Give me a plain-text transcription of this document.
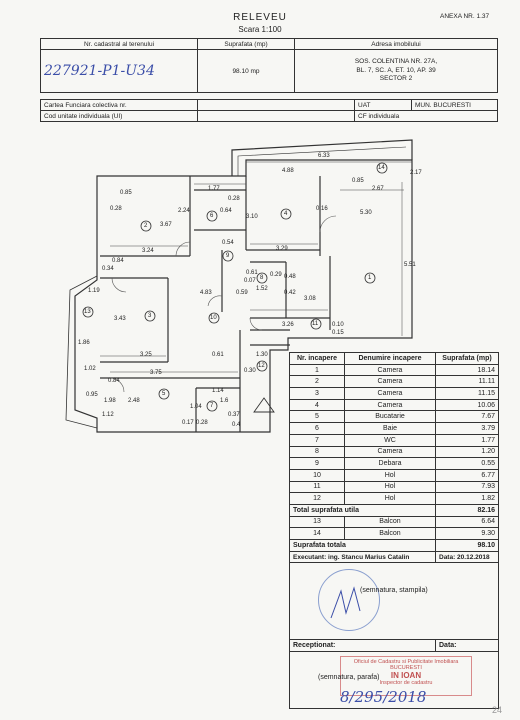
RELEVEU
Scara 1:100
ANEXA NR. 1.37
Nr. cadastral al terenului	Suprafata (mp)	Adresa imobilului
227921-P1-U34	98.10 mp	SOS. COLENTINA NR. 27A,
BL. 7, SC. A, ET. 10, AP. 39
SECTOR 2
Cartea Funciara colectiva nr.		UAT	MUN. BUCURESTI
Cod unitate individuala (UI)		CF individuala	
1
2
3
4
5
6
7
8
9
10
11
12
13
14
6.33
4.88	2.17
2.67
0.85
1.77
0.85
0.28
0.28	0.16
5.30
2.24	0.64
3.10
3.67
3.24	3.29
0.54
0.84
0.34
0.61
0.07
0.29
1.52
0.48
3.08
5.51
0.59	0.42
4.83
1.19
3.43
1.86
3.25
3.26	0.10
0.15
1.02
0.61	1.30
0.84
3.75
0.95
1.98 2.48
1.14
0.37
1.12
0.17	0.4
0.30
1.04
1.6
0.28
Nr. incapere	Denumire incapere	Suprafata (mp)
1	Camera	18.14
2	Camera	11.11
3	Camera	11.15
4	Camera	10.06
5	Bucatarie	7.67
6	Baie	3.79
7	WC	1.77
8	Camera	1.20
9	Debara	0.55
10	Hol	6.77
11	Hol	7.93
12	Hol	1.82
Total suprafata utila		82.16
13	Balcon	6.64
14	Balcon	9.30
Suprafata totala		98.10
Executant: ing. Stancu Marius Catalin		Data: 20.12.2018

(semnatura, stampila)		

Receptionat:		Data:

Oficiul de Cadastru si Publicitate Imobiliara
BUCURESTI
IN IOAN
Inspector de cadastru
(semnatura, parafa)		
8/295/2018
24
